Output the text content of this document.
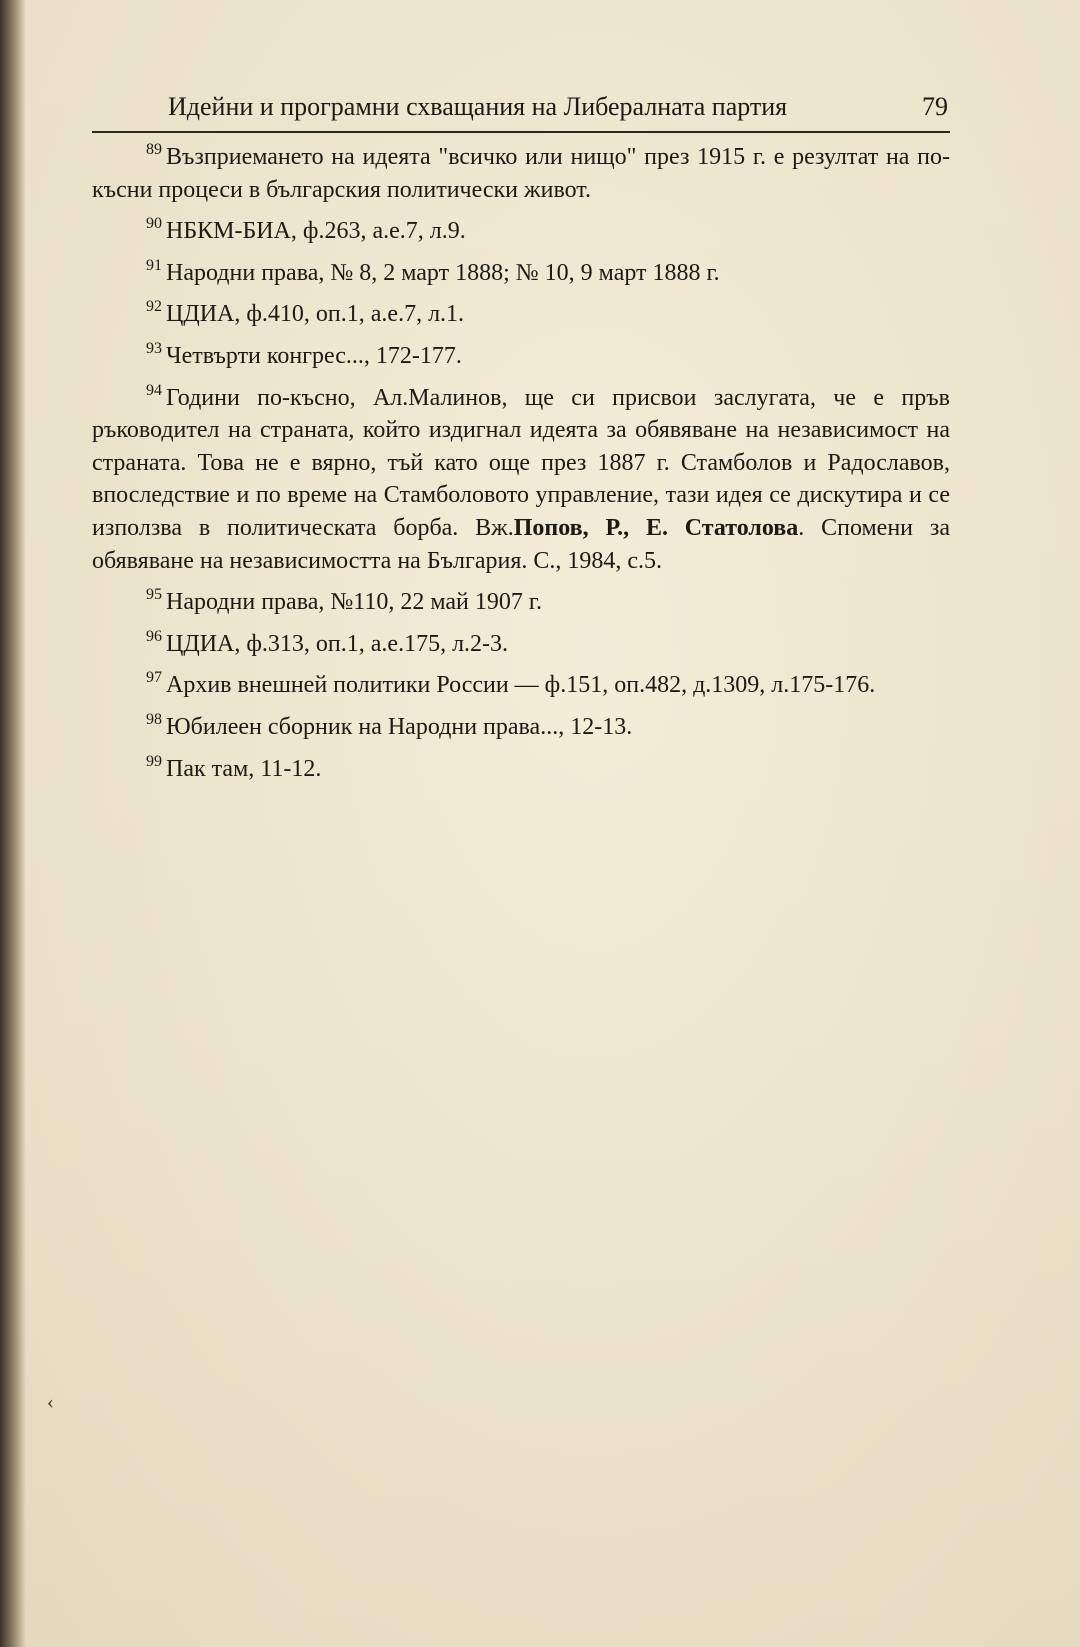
Идейни и програмни схващания на Либералната партия	79

$^{89}$ Възприемането на идеята "всичко или нищо" през 1915 г. е резултат на по-късни процеси в българския политически живот.

$^{90}$ НБКМ-БИА, ф.263, а.е.7, л.9.

$^{91}$ Народни права, № 8, 2 март 1888; № 10, 9 март 1888 г.

$^{92}$ ЦДИА, ф.410, оп.1, а.е.7, л.1.

$^{93}$ Четвърти конгрес..., 172-177.

$^{94}$ Години по-късно, Ал.Малинов, ще си присвои заслугата, че е пръв ръководител на страната, който издигнал идеята за обявяване на независимост на страната. Това не е вярно, тъй като още през 1887 г. Стамболов и Радославов, впоследствие и по време на Стамболовото управление, тази идея се дискутира и се използва в политическата борба. Вж.Попов, Р., Е. Статолова. Спомени за обявяване на независимостта на България. С., 1984, с.5.

$^{95}$ Народни права, №110, 22 май 1907 г.

$^{96}$ ЦДИА, ф.313, оп.1, а.е.175, л.2-3.

$^{97}$ Архив внешней политики России — ф.151, оп.482, д.1309, л.175-176.

$^{98}$ Юбилеен сборник на Народни права..., 12-13.

$^{99}$ Пак там, 11-12.

‹
